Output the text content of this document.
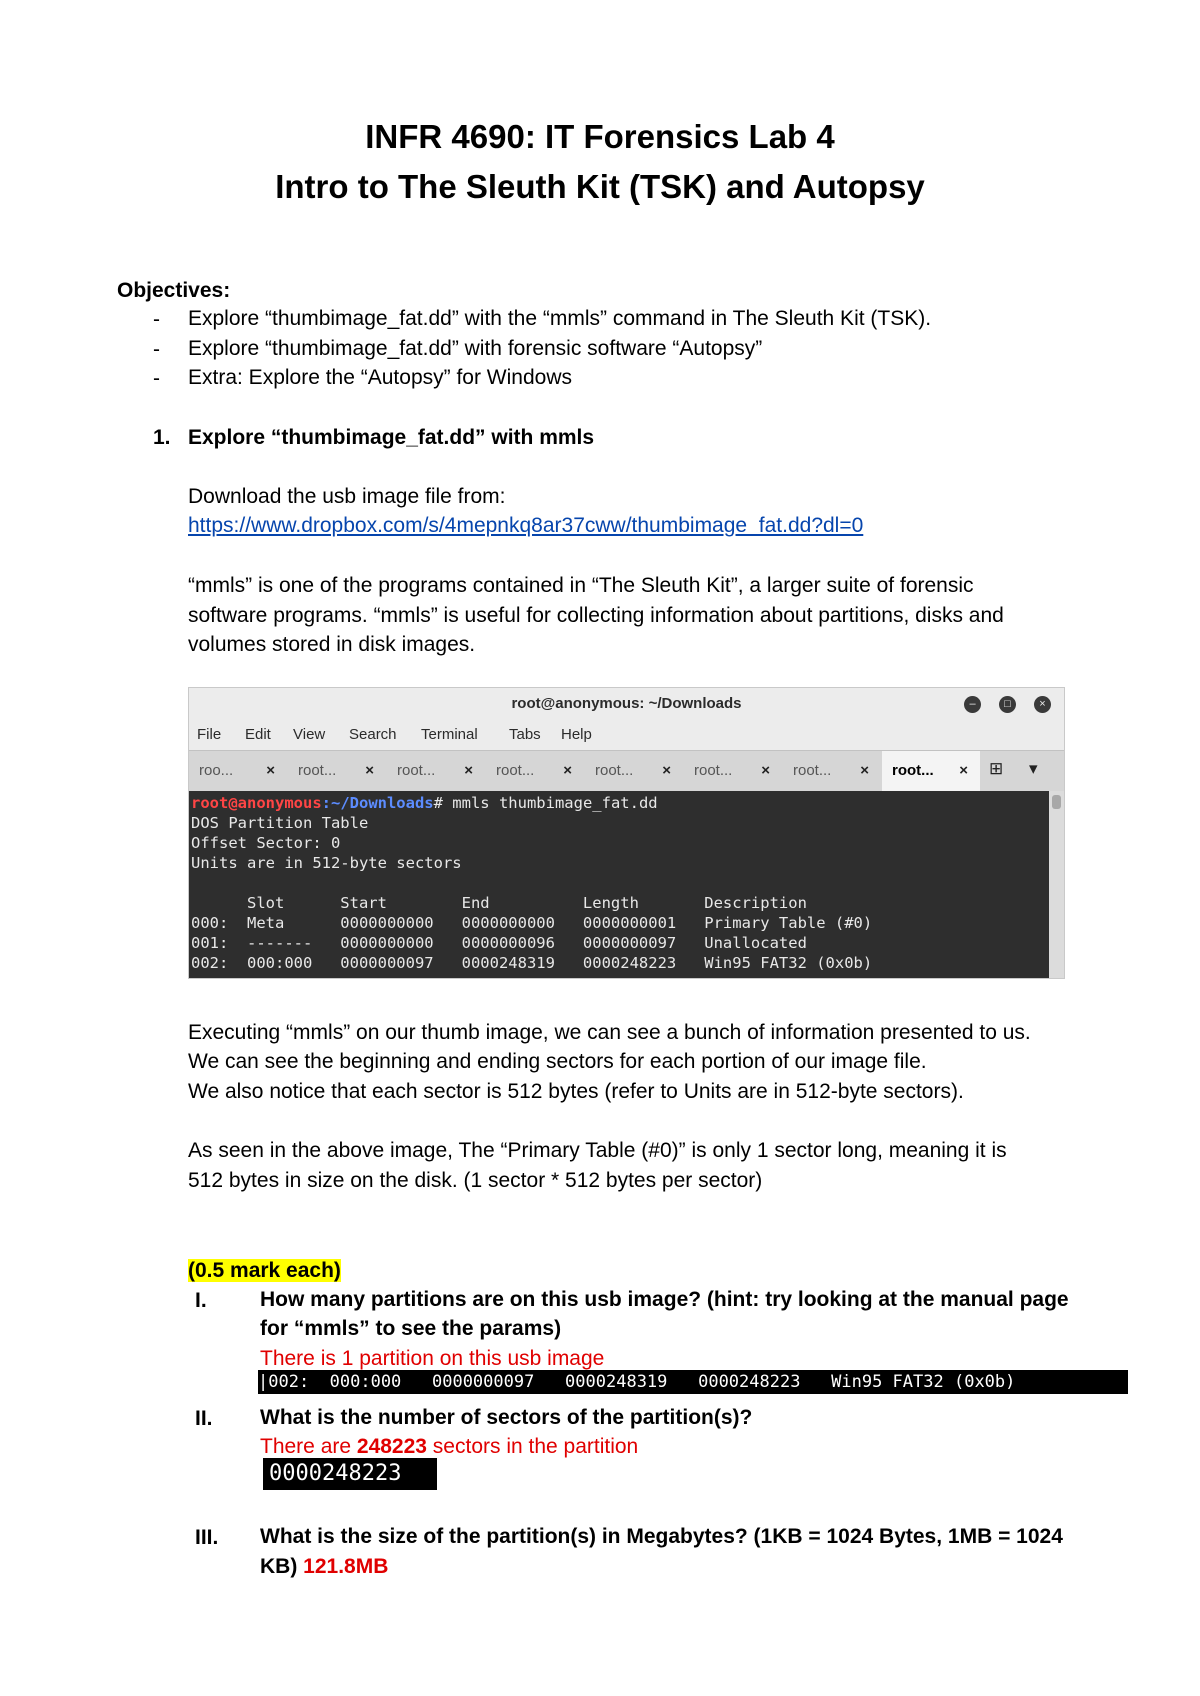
INFR 4690: IT Forensics Lab 4
Intro to The Sleuth Kit (TSK) and Autopsy
Objectives:
- Explore “thumbimage_fat.dd” with the “mmls” command in The Sleuth Kit (TSK).
- Explore “thumbimage_fat.dd” with forensic software “Autopsy”
- Extra: Explore the “Autopsy” for Windows
1. Explore “thumbimage_fat.dd” with mmls
Download the usb image file from:
https://www.dropbox.com/s/4mepnkq8ar37cww/thumbimage_fat.dd?dl=0
“mmls” is one of the programs contained in “The Sleuth Kit”, a larger suite of forensic
software programs. “mmls” is useful for collecting information about partitions, disks and
volumes stored in disk images.
root@anonymous: ~/Downloads	–	□	×
File Edit View Search Terminal Tabs Help
roo... × root... × root... × root... × root... × root... × root... × root... × ⊞ ▾
root@anonymous:~/Downloads# mmls thumbimage_fat.dd
DOS Partition Table
Offset Sector: 0
Units are in 512-byte sectors
Slot      Start        End          Length       Description
000:  Meta      0000000000   0000000000   0000000001   Primary Table (#0)
001:  -------   0000000000   0000000096   0000000097   Unallocated
002:  000:000   0000000097   0000248319   0000248223   Win95 FAT32 (0x0b)
Executing “mmls” on our thumb image, we can see a bunch of information presented to us.
We can see the beginning and ending sectors for each portion of our image file.
We also notice that each sector is 512 bytes (refer to Units are in 512-byte sectors).
As seen in the above image, The “Primary Table (#0)” is only 1 sector long, meaning it is
512 bytes in size on the disk. (1 sector * 512 bytes per sector)
(0.5 mark each)
I.	How many partitions are on this usb image? (hint: try looking at the manual page
for “mmls” to see the params)
There is 1 partition on this usb image
|002:  000:000   0000000097   0000248319   0000248223   Win95 FAT32 (0x0b)
II. What is the number of sectors of the partition(s)?
There are 248223 sectors in the partition
0000248223
III. What is the size of the partition(s) in Megabytes? (1KB = 1024 Bytes, 1MB = 1024
KB) 121.8MB
